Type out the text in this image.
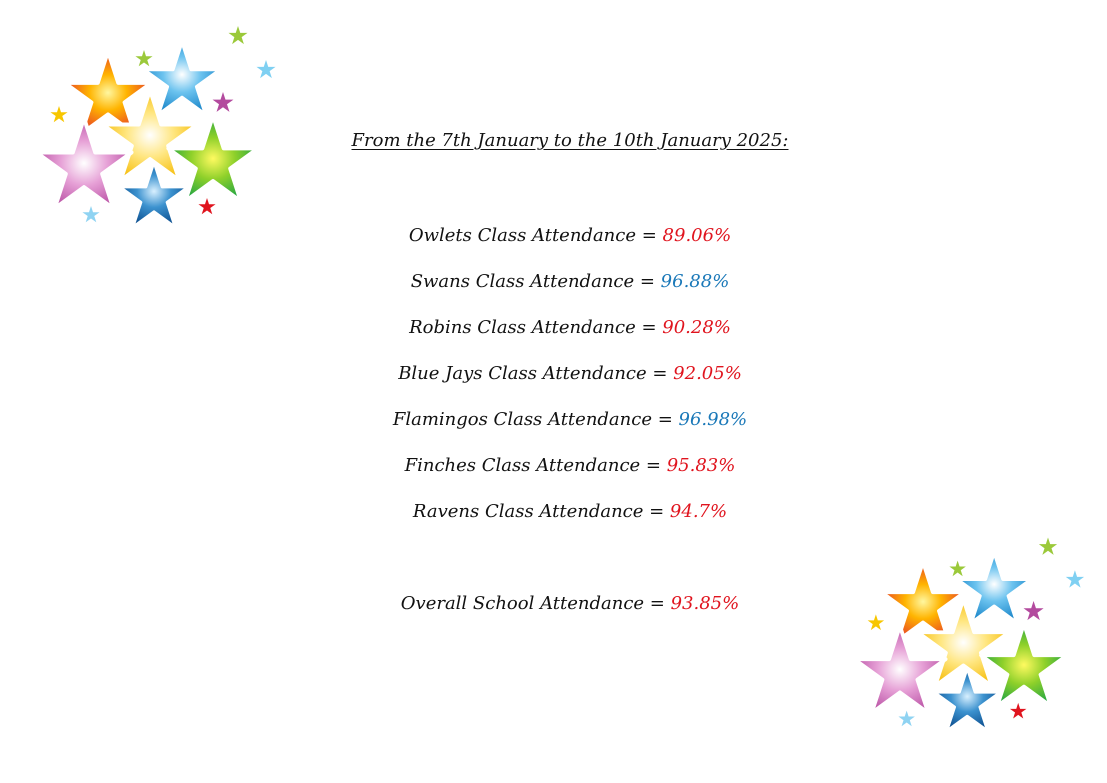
From the 7th January to the 10th January 2025:
Owlets Class Attendance = 89.06%
Swans Class Attendance = 96.88%
Robins Class Attendance = 90.28%
Blue Jays Class Attendance = 92.05%
Flamingos Class Attendance = 96.98%
Finches Class Attendance = 95.83%
Ravens Class Attendance = 94.7%
Overall School Attendance = 93.85%
